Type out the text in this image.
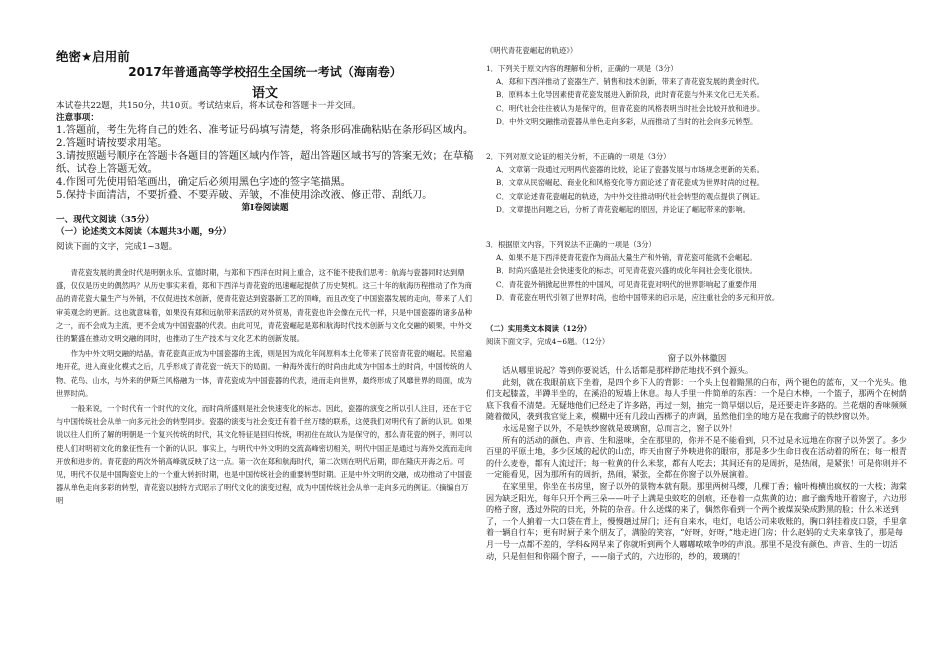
绝密★启用前
2017年普通高等学校招生全国统一考试（海南卷）
语文

本试卷共22题，共150分，共10页。考试结束后，将本试卷和答题卡一并交回。

注意事项：

1.答题前，考生先将自己的姓名、准考证号码填写清楚，将条形码准确粘贴在条形码区域内。

2.答题时请按要求用笔。

3.请按照题号顺序在答题卡各题目的答题区域内作答，超出答题区域书写的答案无效；在草稿纸、试卷上答题无效。

4.作图可先使用铅笔画出，确定后必须用黑色字迹的签字笔描黑。

5.保持卡面清洁，不要折叠、不要弄破、弄皱，不准使用涂改液、修正带、刮纸刀。

第Ⅰ卷阅读题

一、现代文阅读（35分）

（一）论述类文本阅读（本题共3小题，9分）

阅读下面的文字，完成1~3题。

青花瓷发展的黄金时代是明朝永乐、宣德时期，与郑和下西洋在时间上重合，这不能不使我们思考：航海与瓷器同时达到鼎盛，仅仅是历史的偶然吗？从历史事实来看，郑和下西洋与青花瓷的迅速崛起提供了历史契机。这三十年的航海历程推动了作为商品的青花瓷大量生产与外销，不仅促进技术创新，使青花瓷达到瓷器新工艺的顶峰，而且改变了中国瓷器发展的走向，带来了人们审美观念的更新。这也就意味着，如果没有郑和远航带来活跃的对外贸易，青花瓷也许会像在元代一样，只是中国瓷器的诸多品种之一，而不会成为主流，更不会成为中国瓷器的代表。由此可见，青花瓷崛起是郑和航海时代技术创新与文化交融的硕果，中外交往的繁盛在推动文明交融的同时，也推动了生产技术与文化艺术的创新发展。

作为中外文明交融的结晶，青花瓷真正成为中国瓷器的主流，则是因为成化年间原料本土化带来了民窑青花瓷的崛起。民窑遍地开花，进入商业化模式之后，几乎形成了青花瓷一统天下的局面。一种海外流行的时尚由此成为中国本土的时尚，中国传统的人物、花鸟、山水，与外来的伊斯兰风格融为一体，青花瓷成为中国瓷器的代表，进而走向世界，最终形成了风靡世界的局面，成为世界时尚。

一般来说，一个时代有一个时代的文化，而时尚所盛则是社会快速变化的标志。因此，瓷器的演变之所以引人注目，还在于它与中国传统社会从单一向多元社会的转型同步。瓷器的演变与社会变迁有着千丝万缕的联系，这使我们对明代有了新的认识。如果说以往人们所了解的明朝是一个复兴传统的时代，其文化特征是回归传统，明初住在故认为是保守的，那么青花瓷的例子，则可以使人们对明初文化的象征性有一个新的认识。事实上，与明代中外文明的交流高峰密切相关，明代中国正是通过与海外交流而走向开放和进步的。青花瓷的两次外销高峰就反映了这一点。第一次在郑和航海时代，第二次则在明代后期，即在隆庆开海之后。可见，明代不仅是中国陶瓷史上的一个重大转折时期，也是中国传统社会的重要转型时期。正是中外文明的交融，成功推动了中国瓷器从单色走向多彩的转型，青花瓷以独特方式昭示了明代文化的演变过程，成为中国传统社会从单一走向多元的例证。（摘编自万明

《明代青花瓷崛起的轨迹》）

1．下列关于原文内容的理解和分析，正确的一项是（3分）

A．郑和下西洋推动了瓷器生产、销售和技术创新，带来了青花瓷发展的黄金时代。

B．原料本土化导因素使青花瓷发展进入新阶段，此时青花瓷与外来文化已无关系。

C．明代社会往往被认为是保守的，但青花瓷的风格表明当时社会比较开放和进步。

D．中外文明交融推动瓷器从单色走向多彩，从而推动了当时的社会向多元转型。

2．下列对原文论证的相关分析，不正确的一项是（3分）

A．文章第一段通过元明两代瓷器的比较，论证了瓷器发展与市场规念更新的关系。

B．文章从民窑崛起、商业化和风格变化等方面论述了青花瓷成为世界时尚的过程。

C．文章论述青花瓷崛起的轨迹，为中外交往推动明代社会转型的观点提供了例证。

D．文章提出问题之后，分析了青花瓷崛起的原因，并论证了崛起带来的影响。

3．根据原文内容，下列说法不正确的一项是（3分）

A．如果不是下西洋使青花瓷作为商品大量生产和外销，青花瓷可能就不会崛起。

B．时尚兴盛是社会快速变化的标志，可见青花瓷兴盛的成化年间社会变化很快。

C．青花瓷外销掀起世界性的中国风，可见青花瓷对明代的世界影响起了重要作用

D．青花瓷在明代引领了世界时尚，也给中国带来的启示是，应注重社会的多元和开放。

（二）实用类文本阅读（12分）

阅读下面文字，完成4~6题。（12分）

窗子以外林徽因

话从哪里说起？等到你要说话，什么话都是那样渺茫地找不到个源头。

此刻，就在我眼前底下坐着，是四个乡下人的背影：一个头上包着黯黑的白布，两个褪色的蓝布，又一个光头。他们支起膝盖，半蹲半坐的，在溪沿的短墙上休息。每人手里一件简单的东西：一个是白木棒，一个篮子，那两个在树荫底下我看不清楚。无疑地他们已经走了许多路，再过一刻，抽完一筒旱烟以后，是还要走许多路的。兰花烟的香味频频随着微风，袭到我官觉上来，模糊中还有几段山西梆子的声调，虽然他们坐的地方是在我廊子的铁纱窗以外。

永远是窗子以外，不是铁纱窗就是玻璃窗，总而言之，窗子以外！

所有的活动的颜色、声音、生和滋味，全在那里的，你并不是不能看到，只不过是永远地在你窗子以外罢了。多少百里的平原土地，多少区域的起伏的山峦，昨天由窗子外映进你的眼帘，那是多少生命日夜在活动着的所在；每一根青的什么麦卷，都有人流过汗；每一粒黄的什么米浆，都有人吃去；其间还有的是周折，是热闹，是紧张！可是你则并不一定能看见，因为那所有的周折，热闹，紧张，全都在你窗子以外展演着。

在家里里，你坐在书房里，窗子以外的景物本就有限。那里两树马缨，几棵丁香；榆叶梅横出疯权的一大枝；海棠因为缺乏阳光，每年只开个两三朵——叶子上满是虫蚊吃的创痕，还卷着一点焦黄的边；廊子幽秀地开着窗子，六边形的格子窗，透过外院的日光，外院的杂音。什么送煤的来了，偶然你看到一个两个被煤炭染成黔黑的脸；什么米送到了，一个人掮着一大口袋在背上，慢慢趟过屏门；还有自来水，电灯，电话公司来收账的，胸口斜挂着皮口袋，手里拿着一辆自行车；更有时厨子来个朋友了，满脸的笑容，“好呀，好呀，”地走进门房；什么赵妈的丈夫来拿钱了，那是每月一号一点都不差的，学科&网早来了你就听到两个人嘟嘟哝哝争吵的声浪。那里不是没有颜色、声音、生的一切活动，只是但但和你隔个窗子，——扇子式的，六边形的，纱的，玻璃的！
